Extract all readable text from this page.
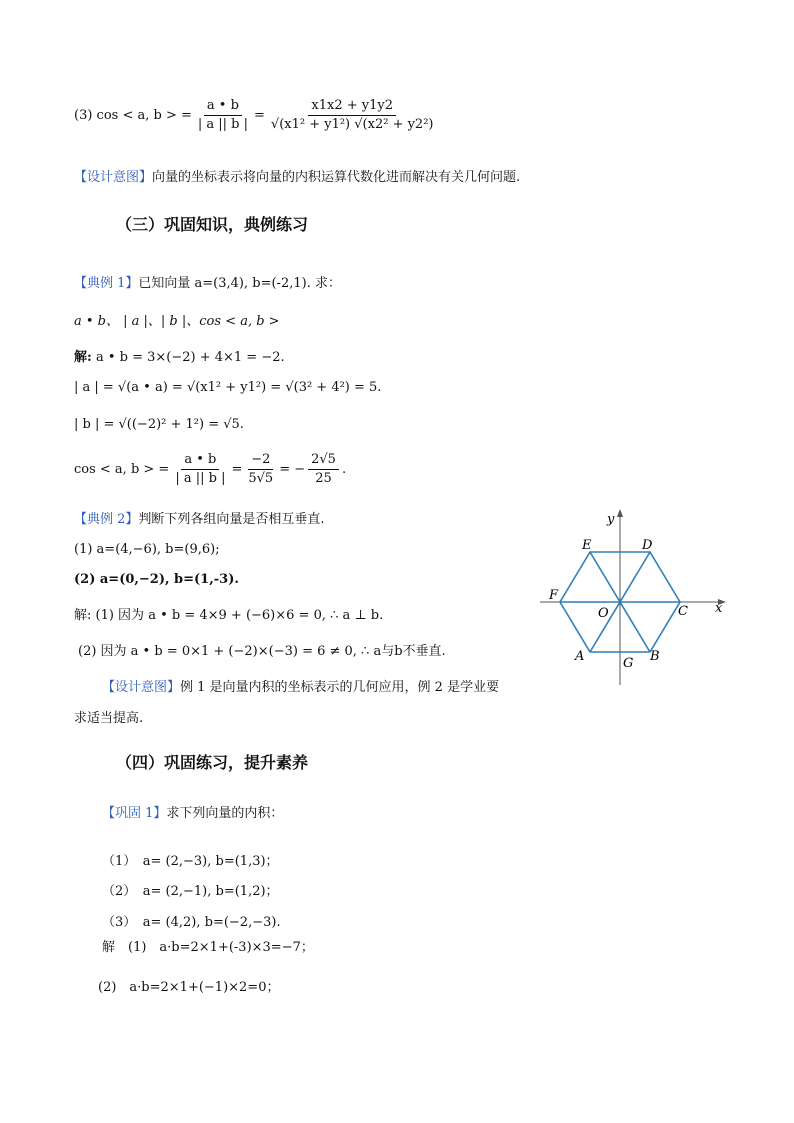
(3) cos < a, b > = $\frac{a • b}{| a || b |} = \frac{x1x2 + y1y2}{\text{√(x1² + y1²) √(x2² + y2²)}}$
【设计意图】向量的坐标表示将向量的内积运算代数化进而解决有关几何问题.
（三）巩固知识，典例练习
【典例 1】已知向量 a=(3,4), b=(-2,1). 求：
a • b、 | a |、| b |、cos < a, b >
解: a • b = 3×(−2) + 4×1 = −2.
| a | = √(a • a) = √(x1² + y1²) = √(3² + 4²) = 5.
| b | = √((−2)² + 1²) = √5.
cos < a, b > = $\frac{a • b}{| a || b |} = \frac{-2}{5√5}$ = − $\frac{2√5}{25}$ .
【典例 2】判断下列各组向量是否相互垂直.
(1) a=(4,−6), b=(9,6);
(2) a=(0,−2), b=(1,-3).
解: (1) 因为 a • b = 4×9 + (−6)×6 = 0, ∴ a ⊥ b.
(2) 因为 a • b = 0×1 + (−2)×(−3) = 6 ≠ 0, ∴ a与b不垂直.
【设计意图】例 1 是向量内积的坐标表示的几何应用，例 2 是学业要
求适当提高.
（四）巩固练习，提升素养
【巩固 1】求下列向量的内积：
（1）　a= (2,−3), b=(1,3)；
（2）　a= (2,−1), b=(1,2)；
（3）　a= (4,2), b=(−2,−3).
解　(1)　a·b=2×1+(-3)×3=−7；
(2)　a·b=2×1+(−1)×2=0；
y
x
E	D
F
O	C
A	G B
